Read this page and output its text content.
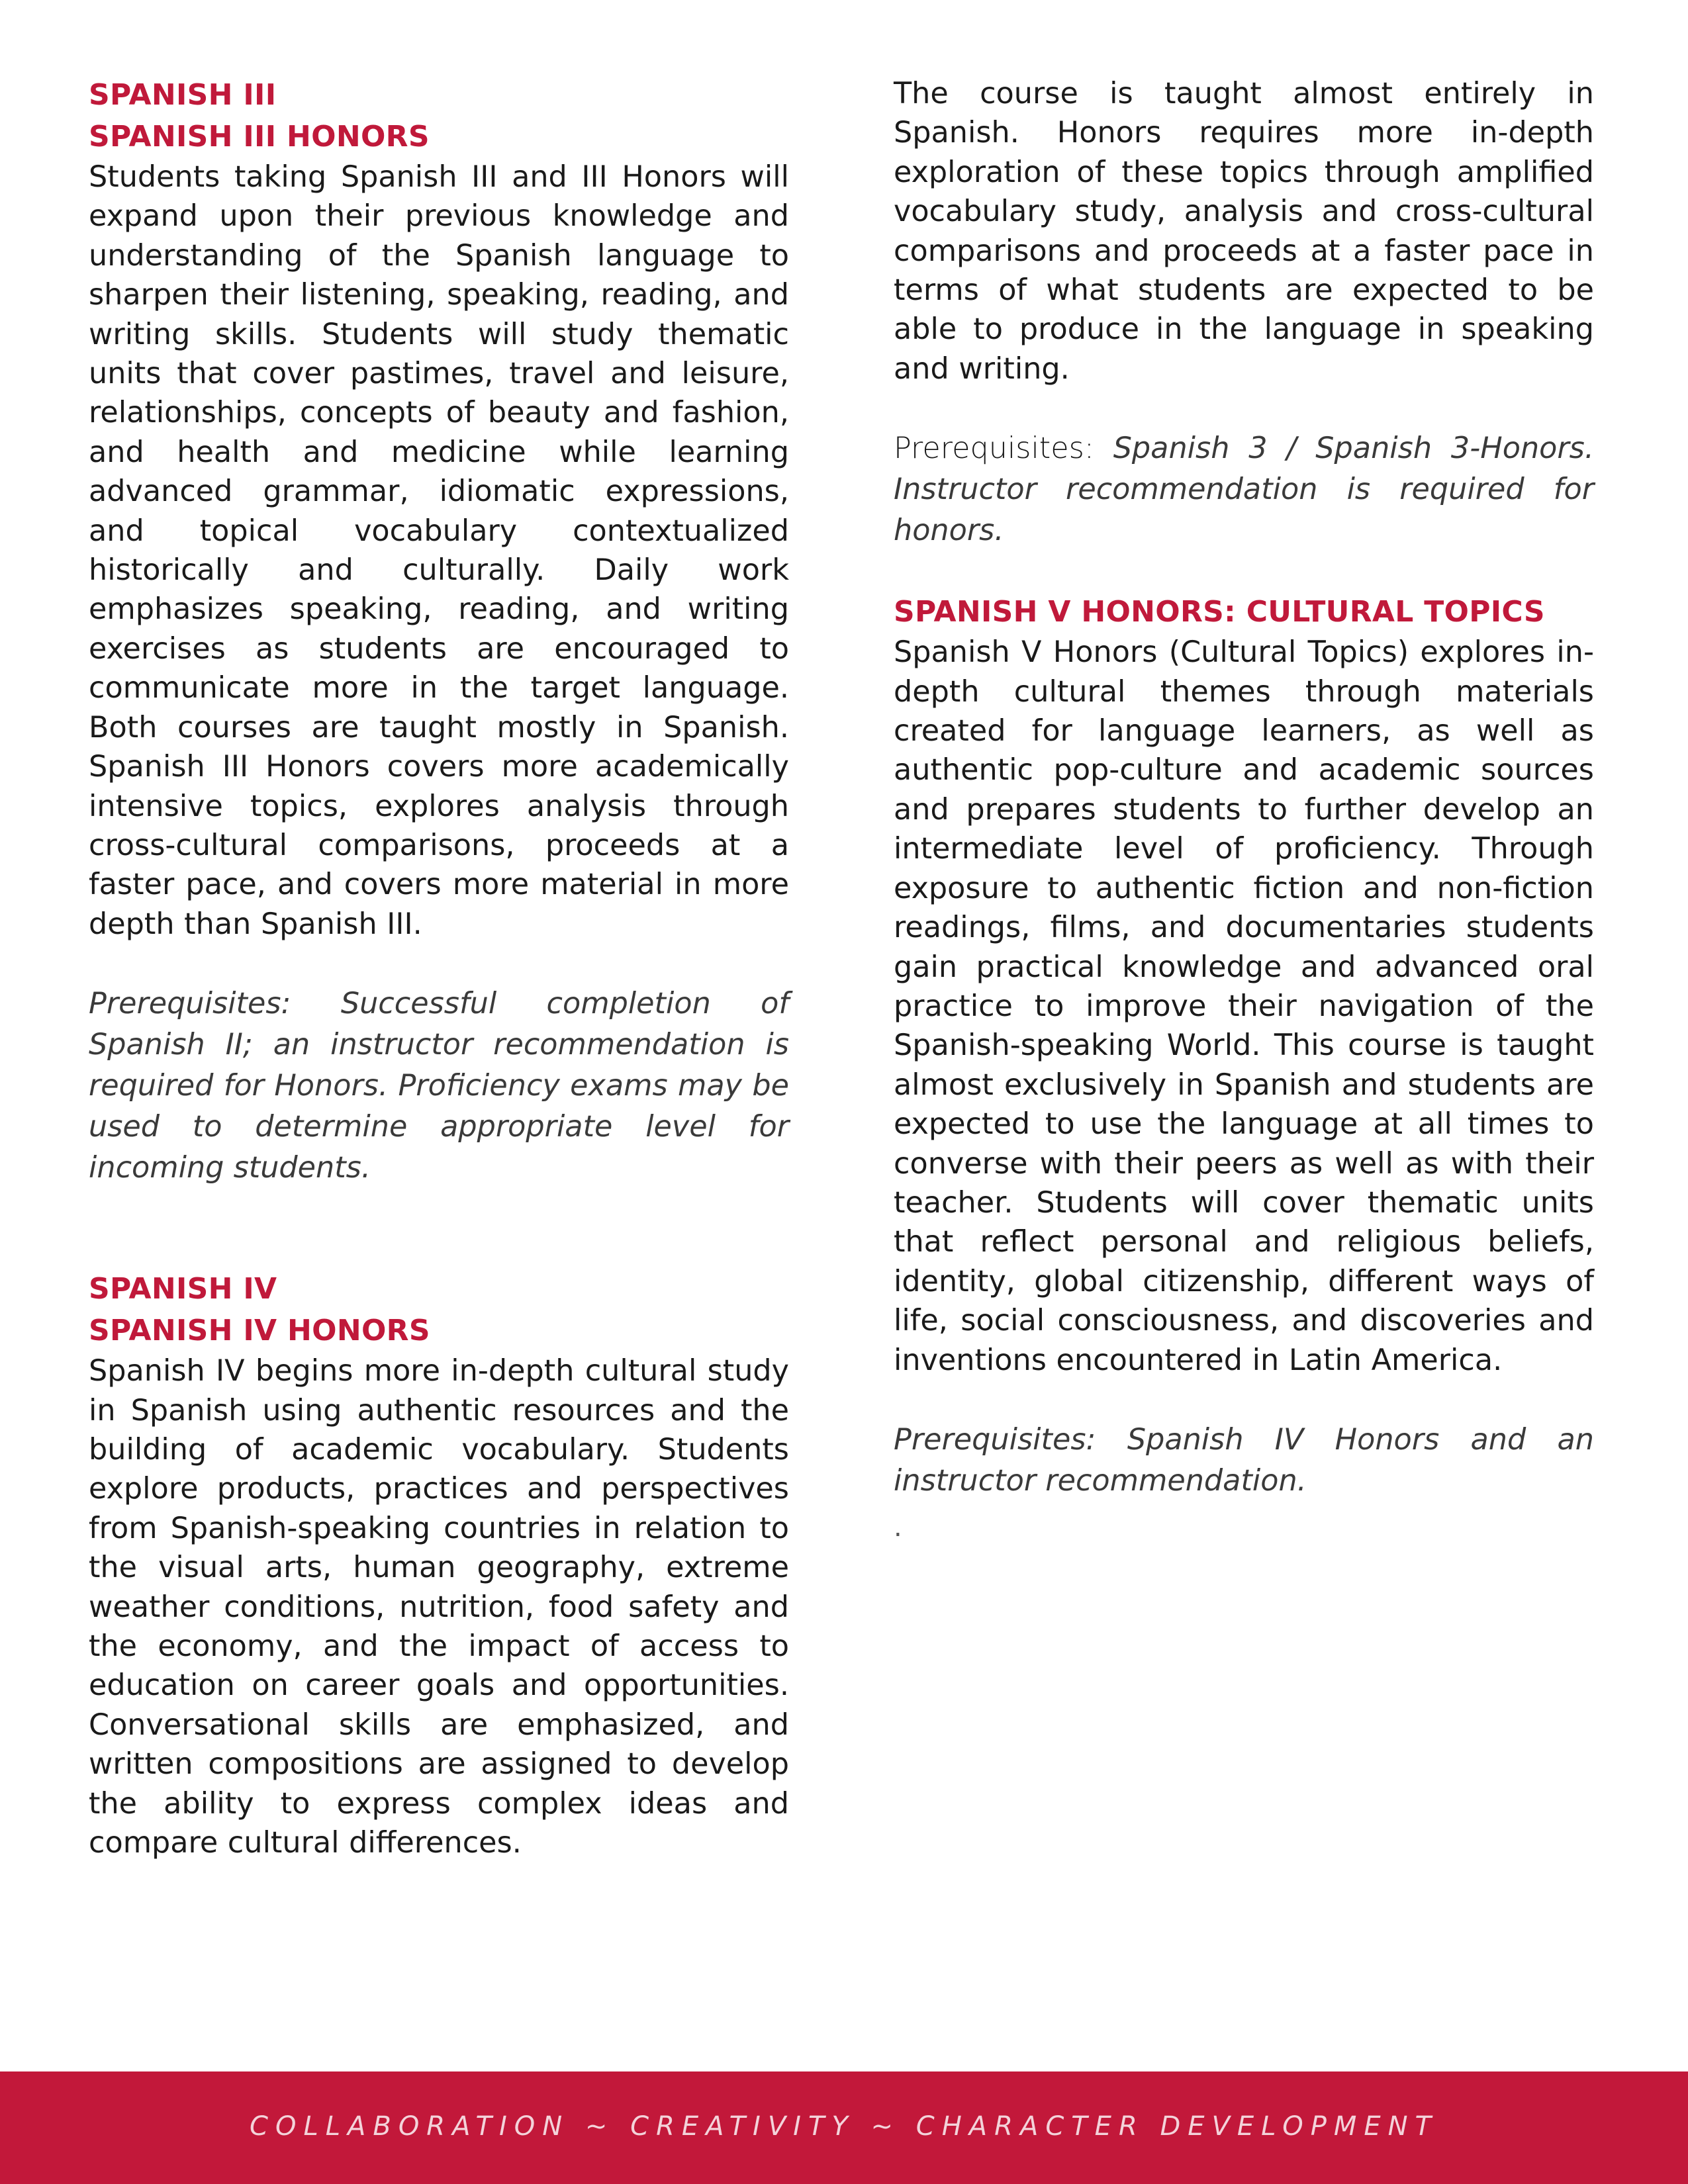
SPANISH III
SPANISH III HONORS

Students taking Spanish III and III Honors will expand upon their previous knowledge and understanding of the Spanish language to sharpen their listening, speaking, reading, and writing skills. Students will study thematic units that cover pastimes, travel and leisure, relationships, concepts of beauty and fashion, and health and medicine while learning advanced grammar, idiomatic expressions, and topical vocabulary contextualized historically and culturally. Daily work emphasizes speaking, reading, and writing exercises as students are encouraged to communicate more in the target language. Both courses are taught mostly in Spanish. Spanish III Honors covers more academically intensive topics, explores analysis through cross-cultural comparisons, proceeds at a faster pace, and covers more material in more depth than Spanish III.

Prerequisites: Successful completion of Spanish II; an instructor recommendation is required for Honors. Proficiency exams may be used to determine appropriate level for incoming students.

SPANISH IV
SPANISH IV HONORS

Spanish IV begins more in-depth cultural study in Spanish using authentic resources and the building of academic vocabulary. Students explore products, practices and perspectives from Spanish-speaking countries in relation to the visual arts, human geography, extreme weather conditions, nutrition, food safety and the economy, and the impact of access to education on career goals and opportunities. Conversational skills are emphasized, and written compositions are assigned to develop the ability to express complex ideas and compare cultural differences.

The course is taught almost entirely in Spanish. Honors requires more in-depth exploration of these topics through amplified vocabulary study, analysis and cross-cultural comparisons and proceeds at a faster pace in terms of what students are expected to be able to produce in the language in speaking and writing.

Prerequisites: Spanish 3 / Spanish 3-Honors. Instructor recommendation is required for honors.

SPANISH V HONORS: CULTURAL TOPICS

Spanish V Honors (Cultural Topics) explores in-depth cultural themes through materials created for language learners, as well as authentic pop-culture and academic sources and prepares students to further develop an intermediate level of proficiency. Through exposure to authentic fiction and non-fiction readings, films, and documentaries students gain practical knowledge and advanced oral practice to improve their navigation of the Spanish-speaking World. This course is taught almost exclusively in Spanish and students are expected to use the language at all times to converse with their peers as well as with their teacher. Students will cover thematic units that reflect personal and religious beliefs, identity, global citizenship, different ways of life, social consciousness, and discoveries and inventions encountered in Latin America.

Prerequisites: Spanish IV Honors and an instructor recommendation.

.

COLLABORATION ~ CREATIVITY ~ CHARACTER DEVELOPMENT
